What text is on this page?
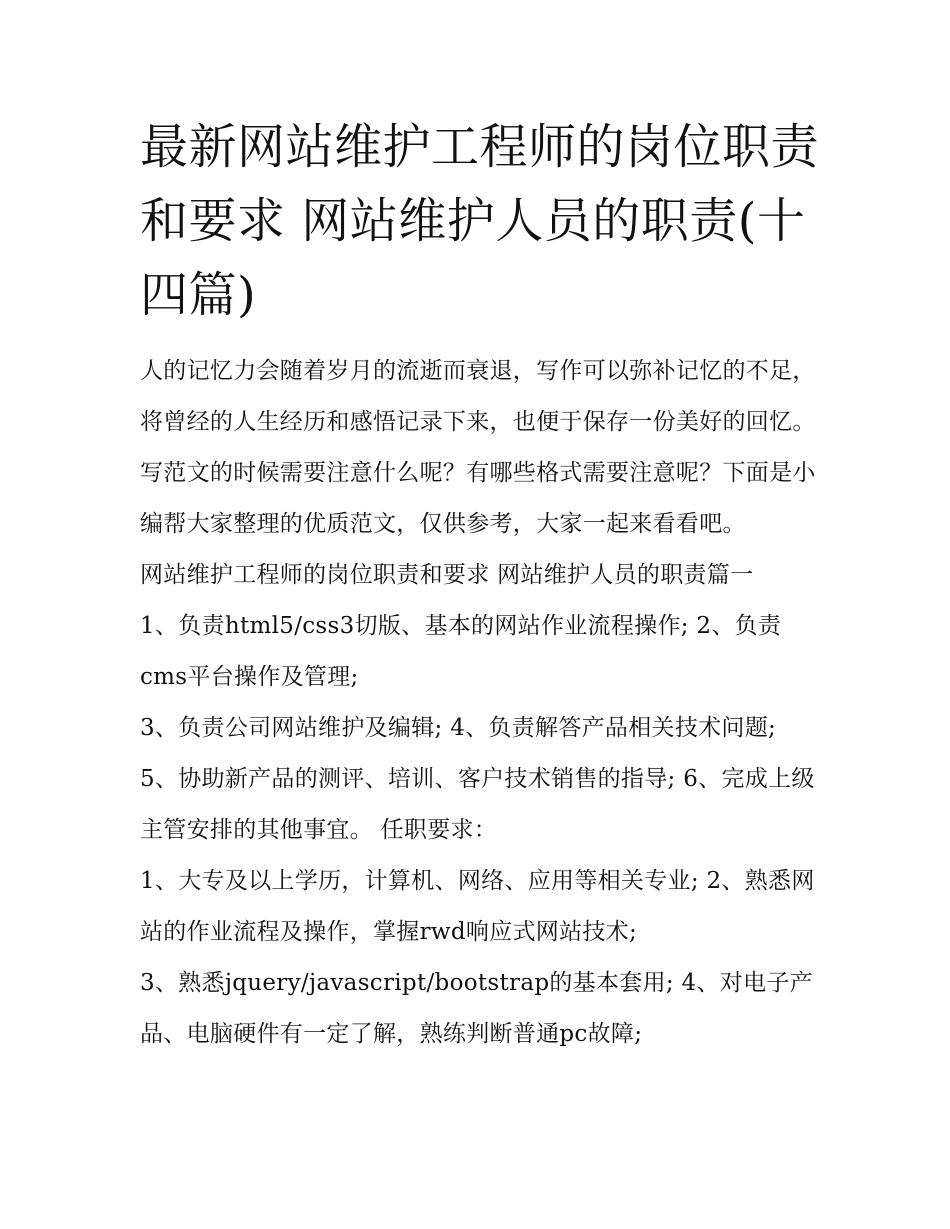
最新网站维护工程师的岗位职责和要求 网站维护人员的职责(十四篇)

人的记忆力会随着岁月的流逝而衰退，写作可以弥补记忆的不足，将曾经的人生经历和感悟记录下来，也便于保存一份美好的回忆。写范文的时候需要注意什么呢？有哪些格式需要注意呢？下面是小编帮大家整理的优质范文，仅供参考，大家一起来看看吧。

网站维护工程师的岗位职责和要求 网站维护人员的职责篇一

1、负责html5/css3切版、基本的网站作业流程操作; 2、负责cms平台操作及管理;

3、负责公司网站维护及编辑; 4、负责解答产品相关技术问题;

5、协助新产品的测评、培训、客户技术销售的指导; 6、完成上级主管安排的其他事宜。 任职要求：

1、大专及以上学历，计算机、网络、应用等相关专业; 2、熟悉网站的作业流程及操作，掌握rwd响应式网站技术;

3、熟悉jquery/javascript/bootstrap的基本套用; 4、对电子产品、电脑硬件有一定了解，熟练判断普通pc故障;
